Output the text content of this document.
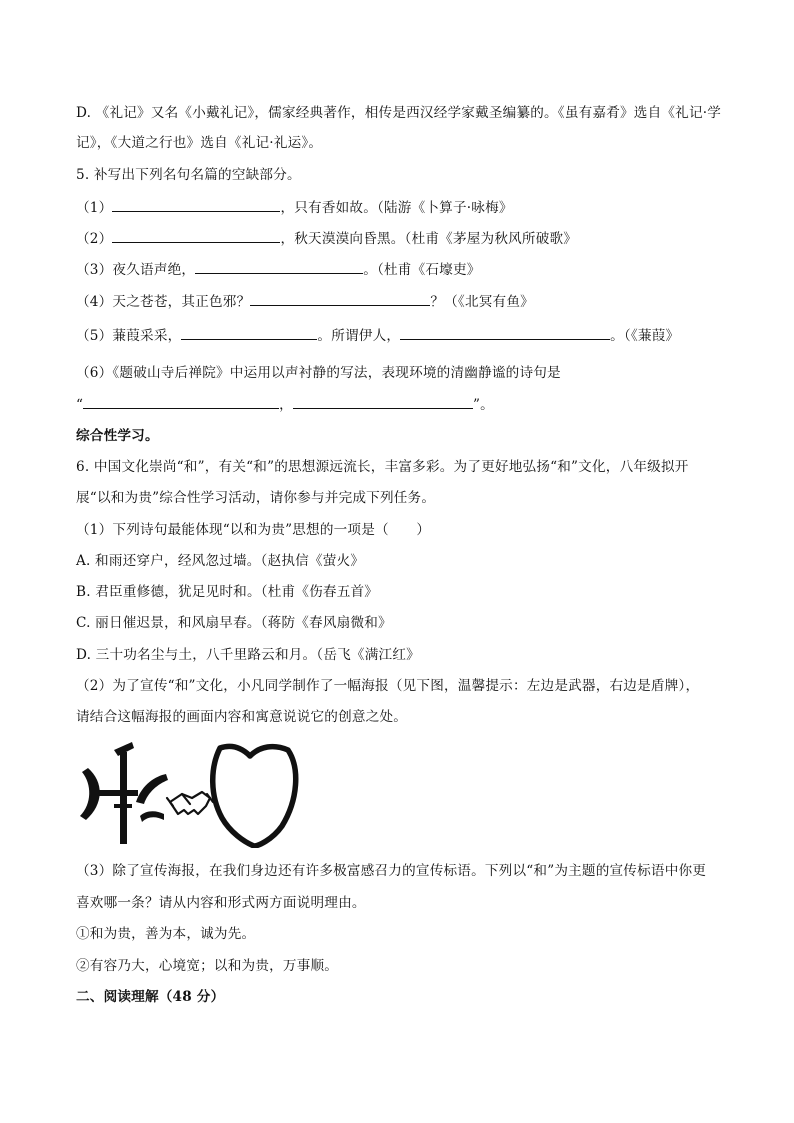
D. 《礼记》又名《小戴礼记》，儒家经典著作，相传是西汉经学家戴圣编纂的。《虽有嘉肴》选自《礼记·学
记》，《大道之行也》选自《礼记·礼运》。
5. 补写出下列名句名篇的空缺部分。
（1）	，只有香如故。（陆游《卜算子·咏梅》
（2）	，秋天漠漠向昏黑。（杜甫《茅屋为秋风所破歌》
（3）夜久语声绝，	。（杜甫《石壕吏》
（4）天之苍苍，其正色邪？	？（《北冥有鱼》
（5）蒹葭采采，	。所谓伊人，	。（《蒹葭》
（6）《题破山寺后禅院》中运用以声衬静的写法，表现环境的清幽静谧的诗句是
“	，	”。
综合性学习。
6. 中国文化崇尚“和”，有关“和”的思想源远流长，丰富多彩。为了更好地弘扬“和”文化，八年级拟开
展“以和为贵”综合性学习活动，请你参与并完成下列任务。
（1）下列诗句最能体现“以和为贵”思想的一项是（　　）
A. 和雨还穿户，经风忽过墙。（赵执信《萤火》
B. 君臣重修德，犹足见时和。（杜甫《伤春五首》
C. 丽日催迟景，和风扇早春。（蒋防《春风扇微和》
D. 三十功名尘与土，八千里路云和月。（岳飞《满江红》
（2）为了宣传“和”文化，小凡同学制作了一幅海报（见下图，温馨提示：左边是武器，右边是盾牌），
请结合这幅海报的画面内容和寓意说说它的创意之处。
（3）除了宣传海报，在我们身边还有许多极富感召力的宣传标语。下列以“和”为主题的宣传标语中你更
喜欢哪一条？请从内容和形式两方面说明理由。
①和为贵，善为本，诚为先。
②有容乃大，心境宽；以和为贵，万事顺。
二、阅读理解（48 分）
